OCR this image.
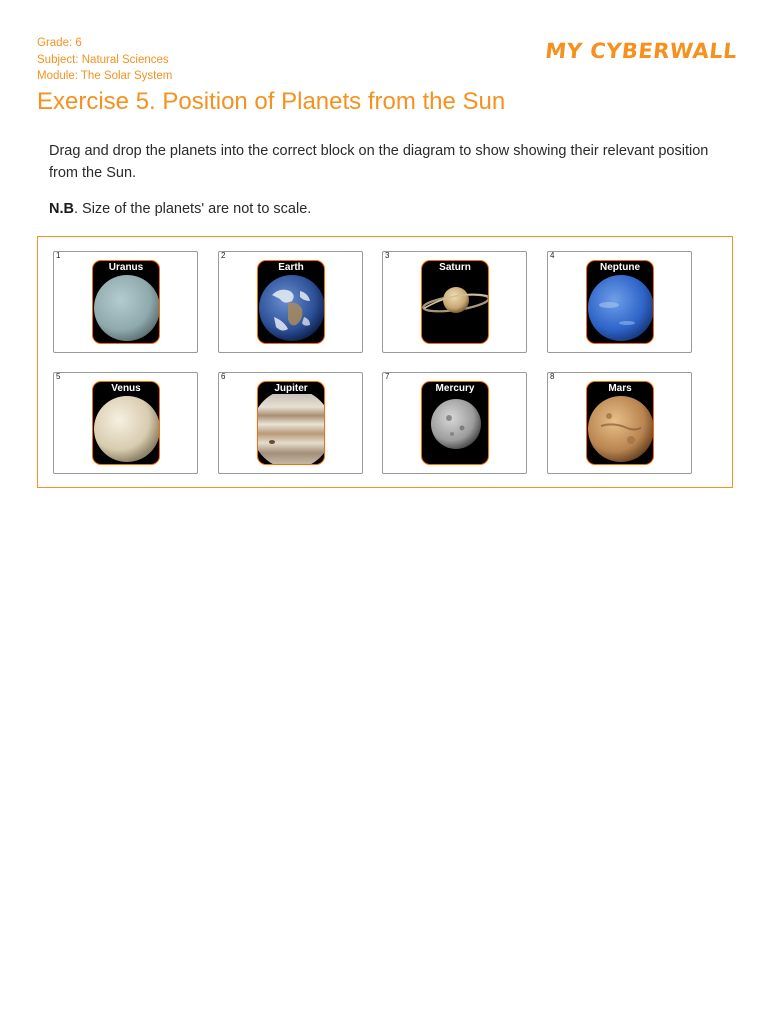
Grade: 6
Subject: Natural Sciences
Module: The Solar System
MY CYBERWALL
Exercise 5. Position of Planets from the Sun

Drag and drop the planets into the correct block on the diagram to show showing their relevant position from the Sun.

N.B. Size of the planets' are not to scale.

1
Uranus
2
Earth
3
Saturn
4
Neptune
5
Venus
6
Jupiter
7
Mercury
8
Mars
